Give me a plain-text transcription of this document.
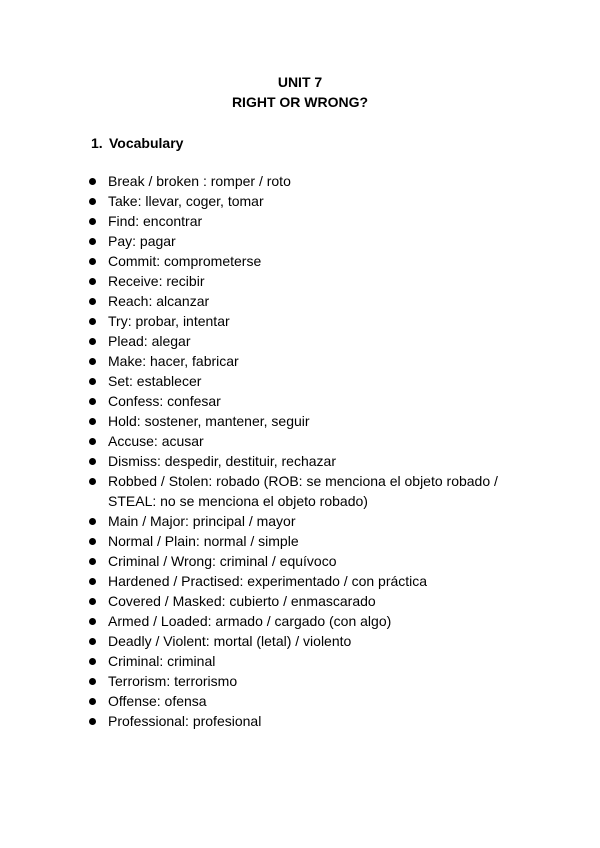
UNIT 7
RIGHT OR WRONG?
1. Vocabulary
Break / broken : romper / roto
Take: llevar, coger, tomar
Find: encontrar
Pay: pagar
Commit: comprometerse
Receive: recibir
Reach: alcanzar
Try: probar, intentar
Plead: alegar
Make: hacer, fabricar
Set: establecer
Confess: confesar
Hold: sostener, mantener, seguir
Accuse: acusar
Dismiss: despedir, destituir, rechazar
Robbed / Stolen: robado (ROB: se menciona el objeto robado / STEAL: no se menciona el objeto robado)
Main / Major: principal / mayor
Normal / Plain: normal / simple
Criminal / Wrong: criminal / equívoco
Hardened / Practised: experimentado / con práctica
Covered / Masked: cubierto / enmascarado
Armed / Loaded: armado / cargado (con algo)
Deadly / Violent: mortal (letal) / violento
Criminal: criminal
Terrorism: terrorismo
Offense: ofensa
Professional: profesional
